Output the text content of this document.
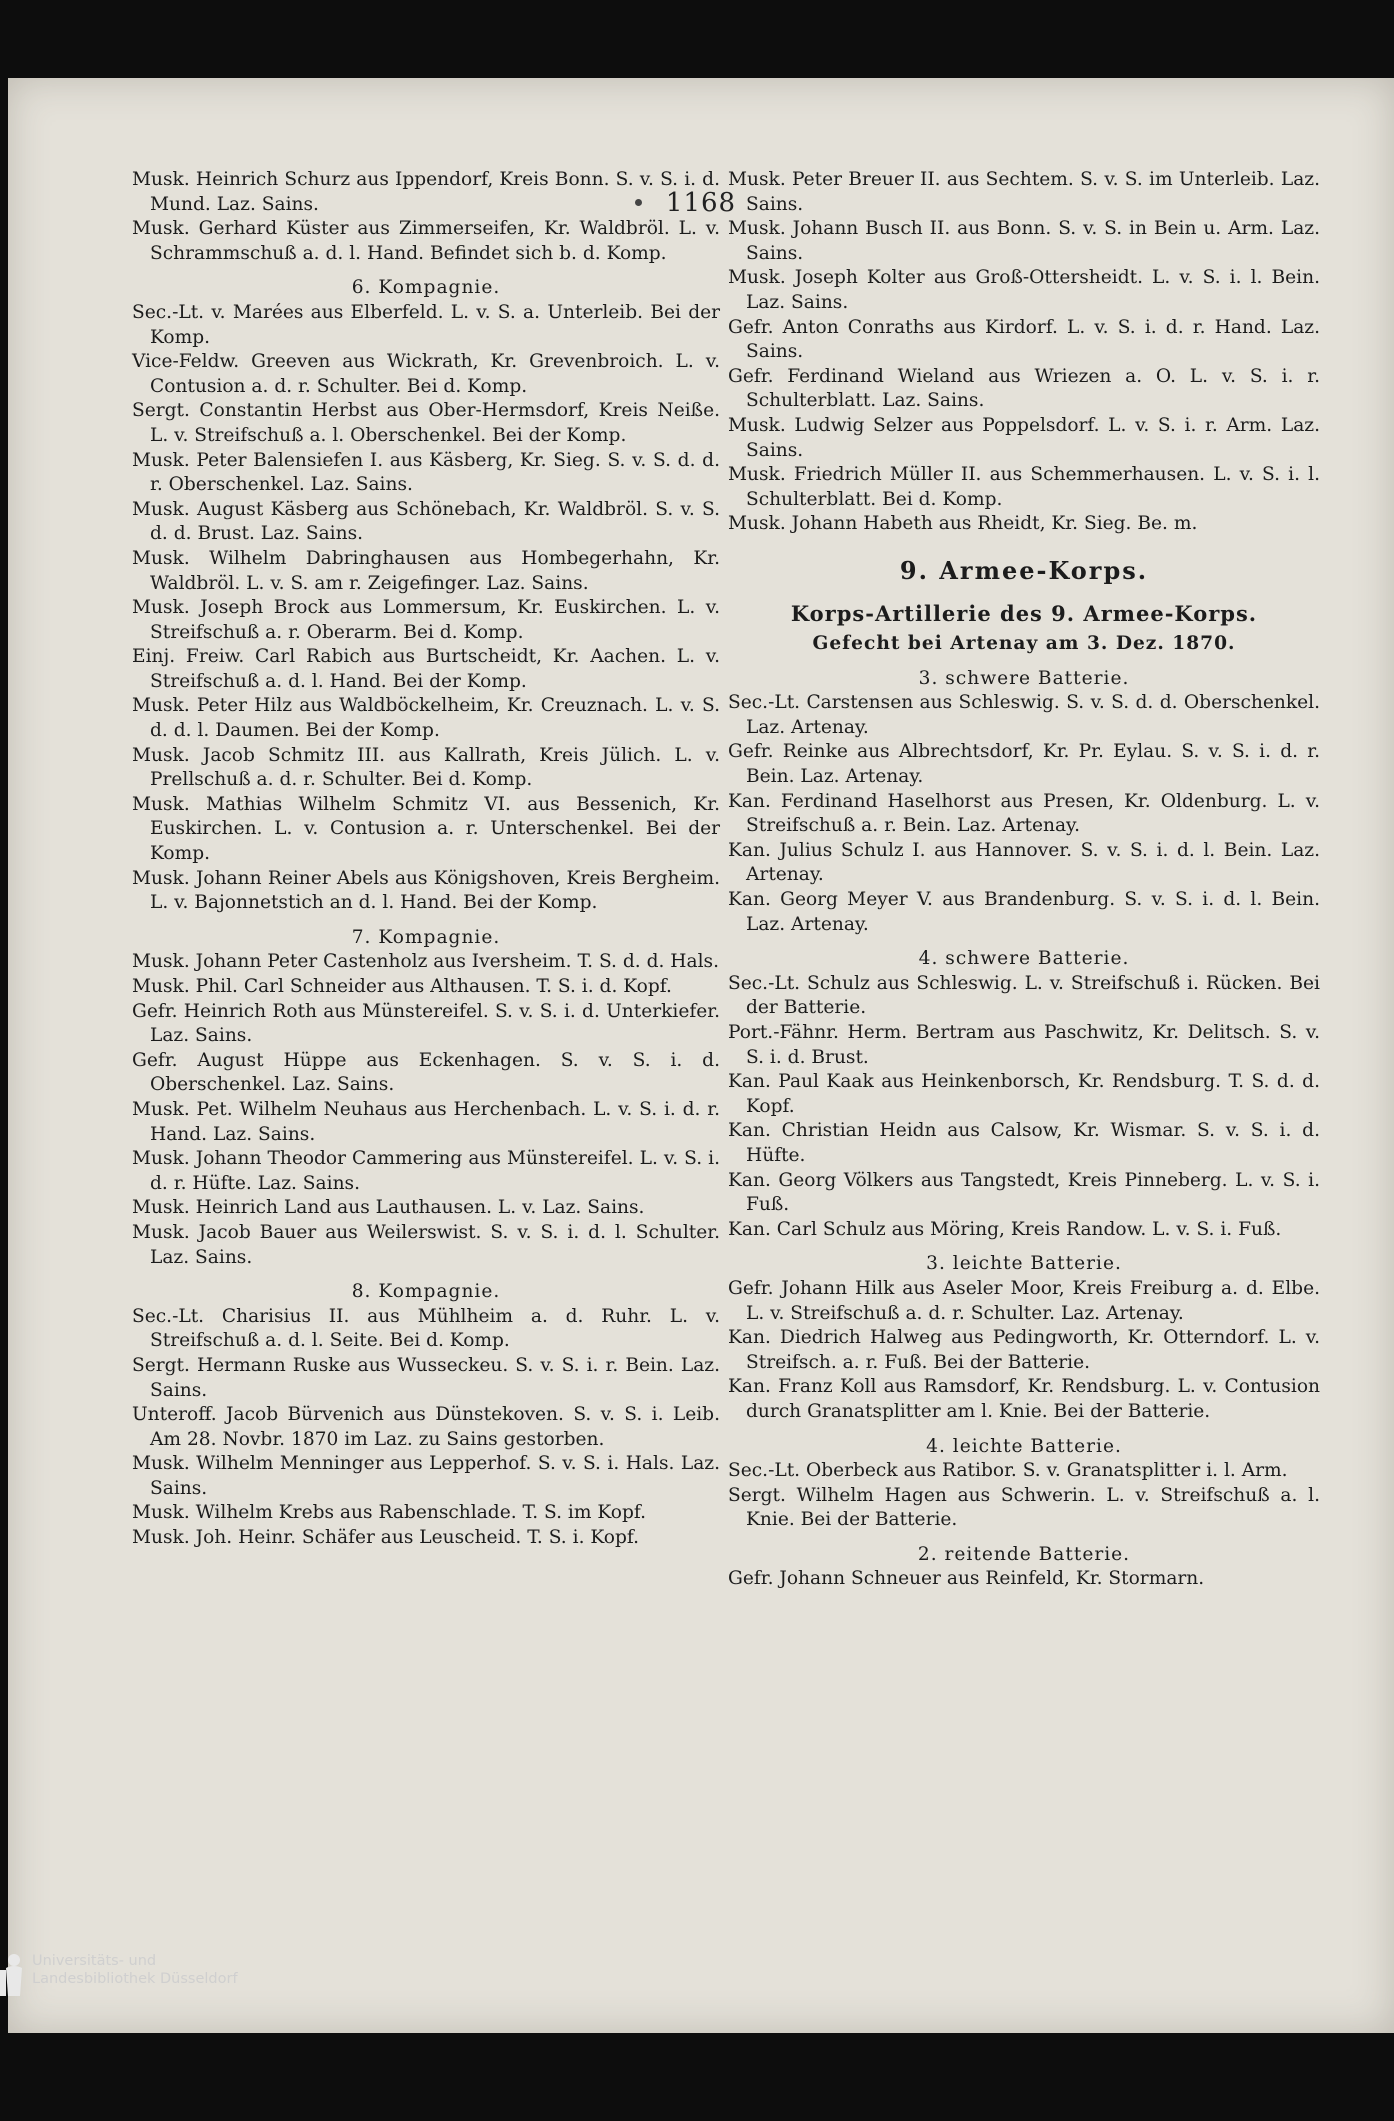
1168

Musk. Heinrich Schurz aus Ippendorf, Kreis Bonn. S. v. S. i. d. Mund. Laz. Sains.

Musk. Gerhard Küster aus Zimmerseifen, Kr. Waldbröl. L. v. Schrammschuß a. d. l. Hand. Befindet sich b. d. Komp.

6. Kompagnie.

Sec.-Lt. v. Marées aus Elberfeld. L. v. S. a. Unterleib. Bei der Komp.

Vice-Feldw. Greeven aus Wickrath, Kr. Grevenbroich. L. v. Contusion a. d. r. Schulter. Bei d. Komp.

Sergt. Constantin Herbst aus Ober-Hermsdorf, Kreis Neiße. L. v. Streifschuß a. l. Oberschenkel. Bei der Komp.

Musk. Peter Balensiefen I. aus Käsberg, Kr. Sieg. S. v. S. d. d. r. Oberschenkel. Laz. Sains.

Musk. August Käsberg aus Schönebach, Kr. Waldbröl. S. v. S. d. d. Brust. Laz. Sains.

Musk. Wilhelm Dabringhausen aus Hombegerhahn, Kr. Waldbröl. L. v. S. am r. Zeigefinger. Laz. Sains.

Musk. Joseph Brock aus Lommersum, Kr. Euskirchen. L. v. Streifschuß a. r. Oberarm. Bei d. Komp.

Einj. Freiw. Carl Rabich aus Burtscheidt, Kr. Aachen. L. v. Streifschuß a. d. l. Hand. Bei der Komp.

Musk. Peter Hilz aus Waldböckelheim, Kr. Creuznach. L. v. S. d. d. l. Daumen. Bei der Komp.

Musk. Jacob Schmitz III. aus Kallrath, Kreis Jülich. L. v. Prellschuß a. d. r. Schulter. Bei d. Komp.

Musk. Mathias Wilhelm Schmitz VI. aus Bessenich, Kr. Euskirchen. L. v. Contusion a. r. Unterschenkel. Bei der Komp.

Musk. Johann Reiner Abels aus Königshoven, Kreis Bergheim. L. v. Bajonnetstich an d. l. Hand. Bei der Komp.

7. Kompagnie.

Musk. Johann Peter Castenholz aus Iversheim. T. S. d. d. Hals.

Musk. Phil. Carl Schneider aus Althausen. T. S. i. d. Kopf.

Gefr. Heinrich Roth aus Münstereifel. S. v. S. i. d. Unterkiefer. Laz. Sains.

Gefr. August Hüppe aus Eckenhagen. S. v. S. i. d. Oberschenkel. Laz. Sains.

Musk. Pet. Wilhelm Neuhaus aus Herchenbach. L. v. S. i. d. r. Hand. Laz. Sains.

Musk. Johann Theodor Cammering aus Münstereifel. L. v. S. i. d. r. Hüfte. Laz. Sains.

Musk. Heinrich Land aus Lauthausen. L. v. Laz. Sains.

Musk. Jacob Bauer aus Weilerswist. S. v. S. i. d. l. Schulter. Laz. Sains.

8. Kompagnie.

Sec.-Lt. Charisius II. aus Mühlheim a. d. Ruhr. L. v. Streifschuß a. d. l. Seite. Bei d. Komp.

Sergt. Hermann Ruske aus Wusseckeu. S. v. S. i. r. Bein. Laz. Sains.

Unteroff. Jacob Bürvenich aus Dünstekoven. S. v. S. i. Leib. Am 28. Novbr. 1870 im Laz. zu Sains gestorben.

Musk. Wilhelm Menninger aus Lepperhof. S. v. S. i. Hals. Laz. Sains.

Musk. Wilhelm Krebs aus Rabenschlade. T. S. im Kopf.

Musk. Joh. Heinr. Schäfer aus Leuscheid. T. S. i. Kopf.

Musk. Peter Breuer II. aus Sechtem. S. v. S. im Unterleib. Laz. Sains.

Musk. Johann Busch II. aus Bonn. S. v. S. in Bein u. Arm. Laz. Sains.

Musk. Joseph Kolter aus Groß-Ottersheidt. L. v. S. i. l. Bein. Laz. Sains.

Gefr. Anton Conraths aus Kirdorf. L. v. S. i. d. r. Hand. Laz. Sains.

Gefr. Ferdinand Wieland aus Wriezen a. O. L. v. S. i. r. Schulterblatt. Laz. Sains.

Musk. Ludwig Selzer aus Poppelsdorf. L. v. S. i. r. Arm. Laz. Sains.

Musk. Friedrich Müller II. aus Schemmerhausen. L. v. S. i. l. Schulterblatt. Bei d. Komp.

Musk. Johann Habeth aus Rheidt, Kr. Sieg. Be. m.

9. Armee-Korps.

Korps-Artillerie des 9. Armee-Korps.

Gefecht bei Artenay am 3. Dez. 1870.

3. schwere Batterie.

Sec.-Lt. Carstensen aus Schleswig. S. v. S. d. d. Oberschenkel. Laz. Artenay.

Gefr. Reinke aus Albrechtsdorf, Kr. Pr. Eylau. S. v. S. i. d. r. Bein. Laz. Artenay.

Kan. Ferdinand Haselhorst aus Presen, Kr. Oldenburg. L. v. Streifschuß a. r. Bein. Laz. Artenay.

Kan. Julius Schulz I. aus Hannover. S. v. S. i. d. l. Bein. Laz. Artenay.

Kan. Georg Meyer V. aus Brandenburg. S. v. S. i. d. l. Bein. Laz. Artenay.

4. schwere Batterie.

Sec.-Lt. Schulz aus Schleswig. L. v. Streifschuß i. Rücken. Bei der Batterie.

Port.-Fähnr. Herm. Bertram aus Paschwitz, Kr. Delitsch. S. v. S. i. d. Brust.

Kan. Paul Kaak aus Heinkenborsch, Kr. Rendsburg. T. S. d. d. Kopf.

Kan. Christian Heidn aus Calsow, Kr. Wismar. S. v. S. i. d. Hüfte.

Kan. Georg Völkers aus Tangstedt, Kreis Pinneberg. L. v. S. i. Fuß.

Kan. Carl Schulz aus Möring, Kreis Randow. L. v. S. i. Fuß.

3. leichte Batterie.

Gefr. Johann Hilk aus Aseler Moor, Kreis Freiburg a. d. Elbe. L. v. Streifschuß a. d. r. Schulter. Laz. Artenay.

Kan. Diedrich Halweg aus Pedingworth, Kr. Otterndorf. L. v. Streifsch. a. r. Fuß. Bei der Batterie.

Kan. Franz Koll aus Ramsdorf, Kr. Rendsburg. L. v. Contusion durch Granatsplitter am l. Knie. Bei der Batterie.

4. leichte Batterie.

Sec.-Lt. Oberbeck aus Ratibor. S. v. Granatsplitter i. l. Arm.

Sergt. Wilhelm Hagen aus Schwerin. L. v. Streifschuß a. l. Knie. Bei der Batterie.

2. reitende Batterie.

Gefr. Johann Schneuer aus Reinfeld, Kr. Stormarn.

Universitäts- und
Landesbibliothek Düsseldorf
